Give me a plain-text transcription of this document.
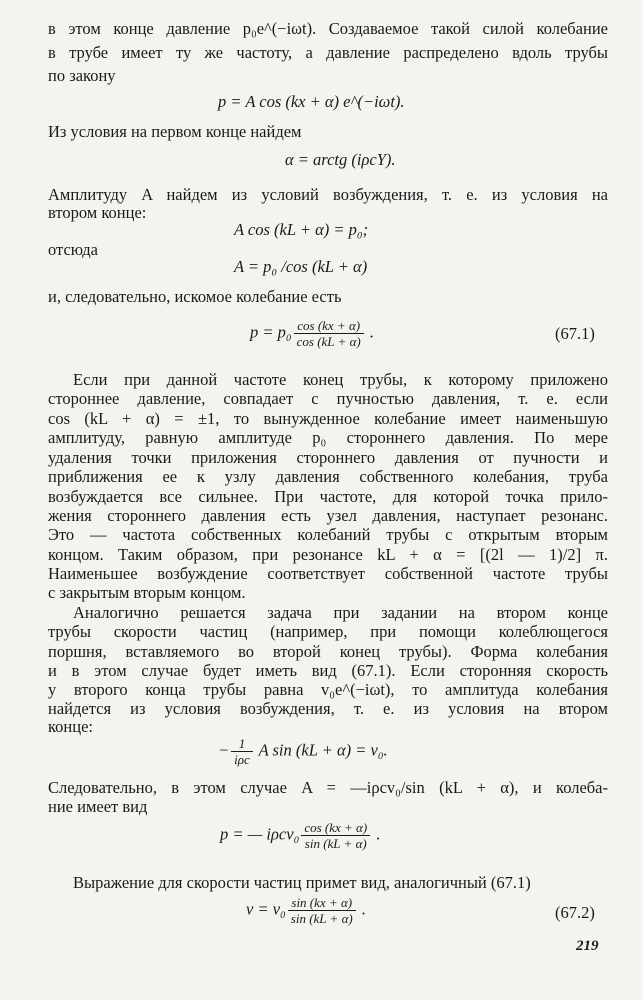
в этом конце давление p₀e^(−iωt). Создаваемое такой силой колебание
в трубе имеет ту же частоту, а давление распределено вдоль трубы
по закону
p = A cos (kx + α) e^(−iωt).
Из условия на первом конце найдем
α = arctg (iρcY).
Амплитуду A найдем из условий возбуждения, т. е. из условия на
втором конце:
A cos (kL + α) = p₀;
отсюда
A = p₀ /cos (kL + α)
и, следовательно, искомое колебание есть
$p = p_0 \frac{\cos (kx + \alpha)}{\cos (kL + \alpha)}$ .	(67.1)
Если при данной частоте конец трубы, к которому приложено
стороннее давление, совпадает с пучностью давления, т. е. если
cos (kL + α) = ±1, то вынужденное колебание имеет наименьшую
амплитуду, равную амплитуде p₀ стороннего давления. По мере
удаления точки приложения стороннего давления от пучности и
приближения ее к узлу давления собственного колебания, труба
возбуждается все сильнее. При частоте, для которой точка прило-
жения стороннего давления есть узел давления, наступает резонанс.
Это — частота собственных колебаний трубы с открытым вторым
концом. Таким образом, при резонансе kL + α = [(2l — 1)/2] π.
Наименьшее возбуждение соответствует собственной частоте трубы
с закрытым вторым концом.
Аналогично решается задача при задании на втором конце
трубы скорости частиц (например, при помощи колеблющегося
поршня, вставляемого во второй конец трубы). Форма колебания
и в этом случае будет иметь вид (67.1). Если сторонняя скорость
у второго конца трубы равна v₀e^(−iωt), то амплитуда колебания
найдется из условия возбуждения, т. е. из условия на втором
конце:
− $\frac{1}{\text{iρc}}$ A sin (kL + α) = v₀.
Следовательно, в этом случае A = —iρcv₀/sin (kL + α), и колеба-
ние имеет вид
p = — $i\rho cv_0 \frac{\cos (kx + \alpha)}{\sin (kL + \alpha)}$ .
Выражение для скорости частиц примет вид, аналогичный (67.1)
$v = v_0 \frac{\sin (kx + \alpha)}{\sin (kL + \alpha)}$ .	(67.2)
219
